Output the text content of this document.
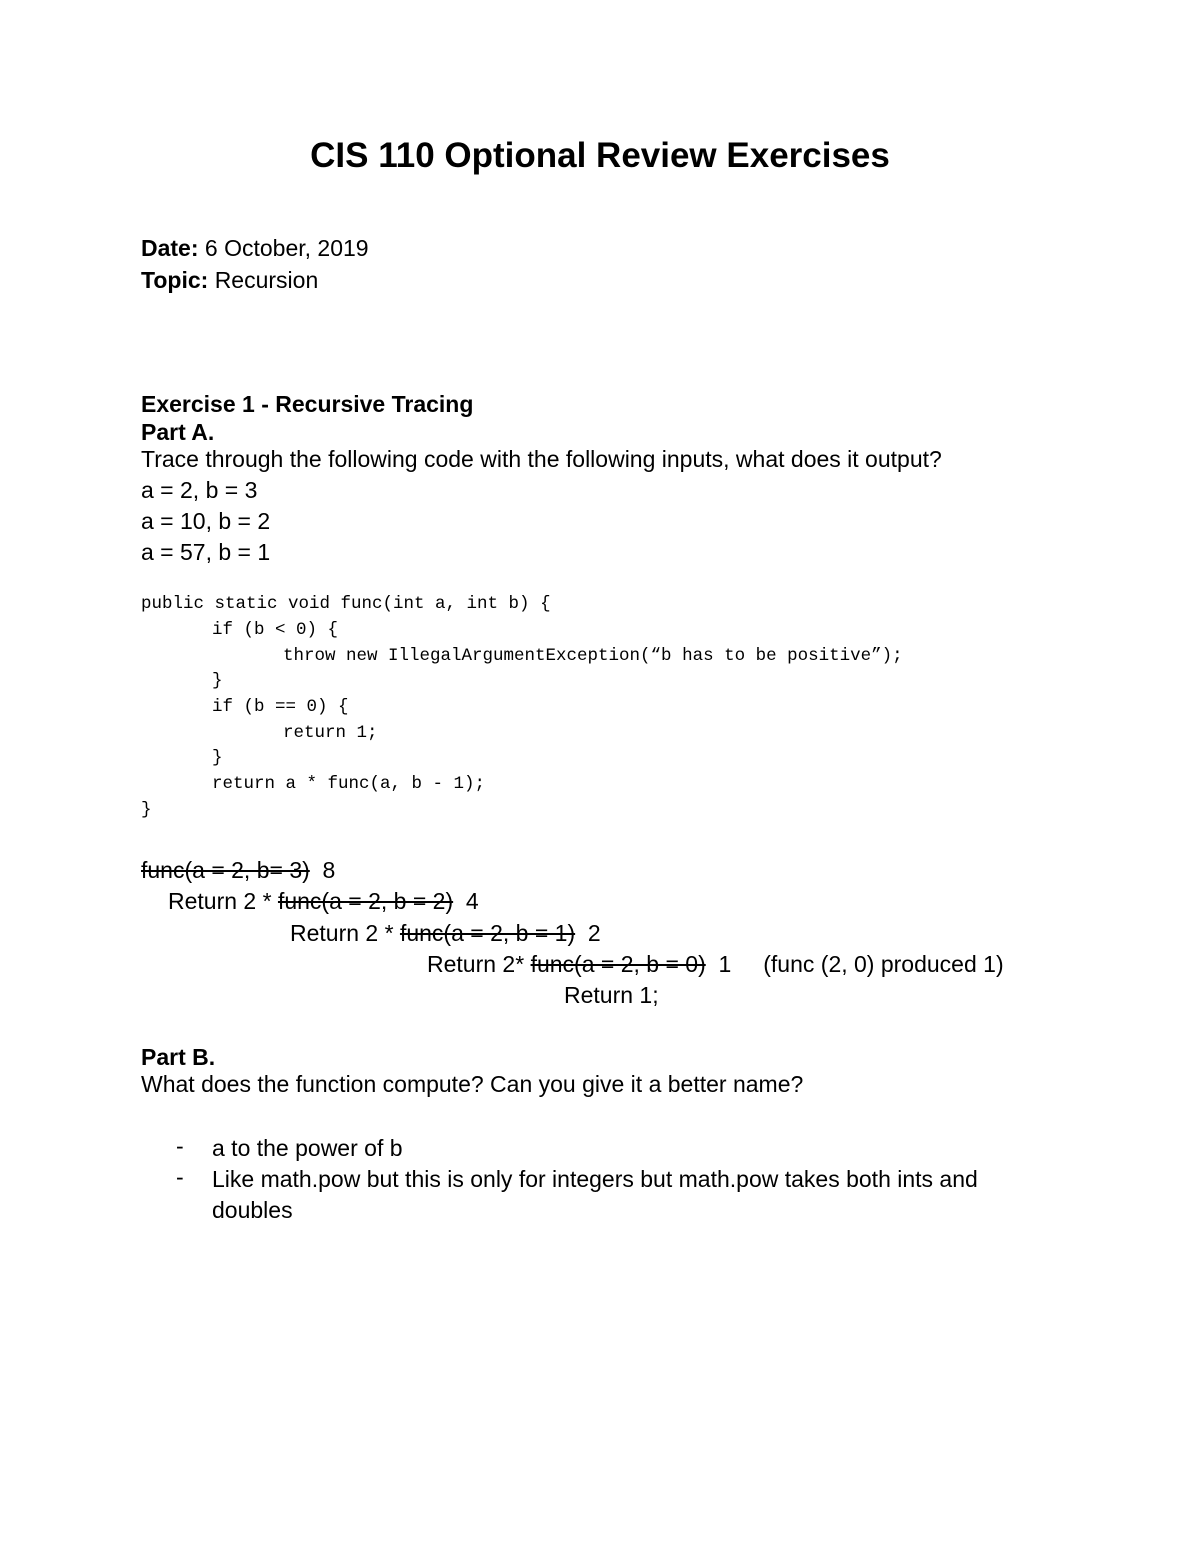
CIS 110 Optional Review Exercises
Date: 6 October, 2019
Topic: Recursion
Exercise 1 - Recursive Tracing
Part A.
Trace through the following code with the following inputs, what does it output?
a = 2, b = 3
a = 10, b = 2
a = 57, b = 1
public static void func(int a, int b) {
if (b < 0) {
throw new IllegalArgumentException(“b has to be positive”);
}
if (b == 0) {
return 1;
}
return a * func(a, b - 1);
}
func(a = 2, b= 3)  8
Return 2 * func(a = 2, b = 2)  4
Return 2 * func(a = 2, b = 1)  2
Return 2* func(a = 2, b = 0)  1     (func (2, 0) produced 1)
Return 1;
Part B.
What does the function compute? Can you give it a better name?
- a to the power of b
- Like math.pow but this is only for integers but math.pow takes both ints and doubles
